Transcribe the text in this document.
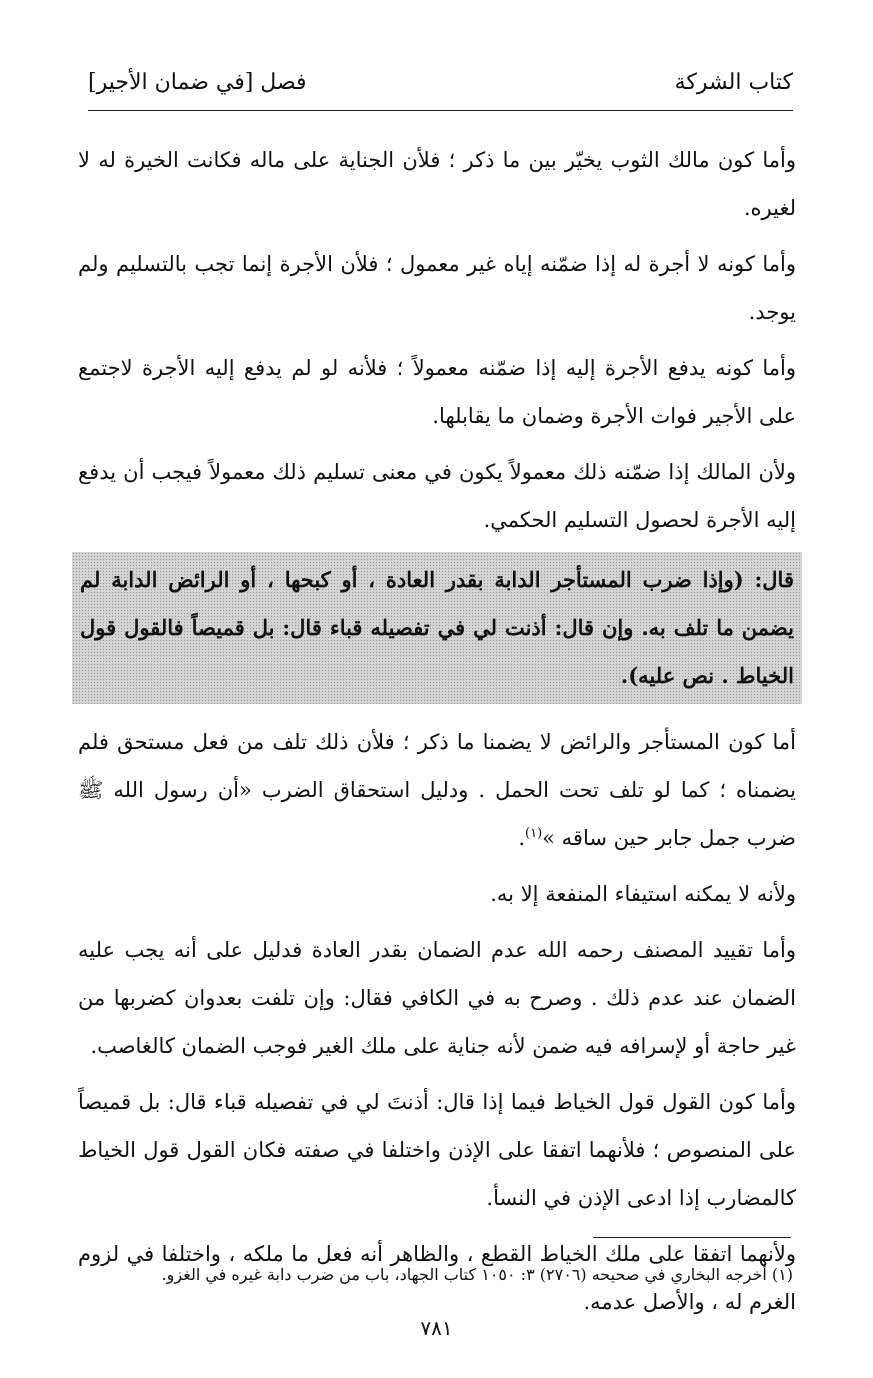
كتاب الشركة
فصل [في ضمان الأجير]

وأما كون مالك الثوب يخيّر بين ما ذكر ؛ فلأن الجناية على ماله فكانت الخيرة له لا لغيره.

وأما كونه لا أجرة له إذا ضمّنه إياه غير معمول ؛ فلأن الأجرة إنما تجب بالتسليم ولم يوجد.

وأما كونه يدفع الأجرة إليه إذا ضمّنه معمولاً ؛ فلأنه لو لم يدفع إليه الأجرة لاجتمع على الأجير فوات الأجرة وضمان ما يقابلها.

ولأن المالك إذا ضمّنه ذلك معمولاً يكون في معنى تسليم ذلك معمولاً فيجب أن يدفع إليه الأجرة لحصول التسليم الحكمي.

قال: (وإذا ضرب المستأجر الدابة بقدر العادة ، أو كبحها ، أو الرائض الدابة لم يضمن ما تلف به. وإن قال: أذنت لي في تفصيله قباء قال: بل قميصاً فالقول قول الخياط . نص عليه).

أما كون المستأجر والرائض لا يضمنا ما ذكر ؛ فلأن ذلك تلف من فعل مستحق فلم يضمناه ؛ كما لو تلف تحت الحمل . ودليل استحقاق الضرب «أن رسول الله ﷺ ضرب جمل جابر حين ساقه »$^{(١)}$.

ولأنه لا يمكنه استيفاء المنفعة إلا به.

وأما تقييد المصنف رحمه الله عدم الضمان بقدر العادة فدليل على أنه يجب عليه الضمان عند عدم ذلك . وصرح به في الكافي فقال: وإن تلفت بعدوان كضربها من غير حاجة أو لإسرافه فيه ضمن لأنه جناية على ملك الغير فوجب الضمان كالغاصب.

وأما كون القول قول الخياط فيما إذا قال: أذنتَ لي في تفصيله قباء قال: بل قميصاً على المنصوص ؛ فلأنهما اتفقا على الإذن واختلفا في صفته فكان القول قول الخياط كالمضارب إذا ادعى الإذن في النسأ.

ولأنهما اتفقا على ملك الخياط القطع ، والظاهر أنه فعل ما ملكه ، واختلفا في لزوم الغرم له ، والأصل عدمه.

(١) أخرجه البخاري في صحيحه (٢٧٠٦) ٣: ١٠٥٠ كتاب الجهاد، باب من ضرب دابة غيره في الغزو.
٧٨١
